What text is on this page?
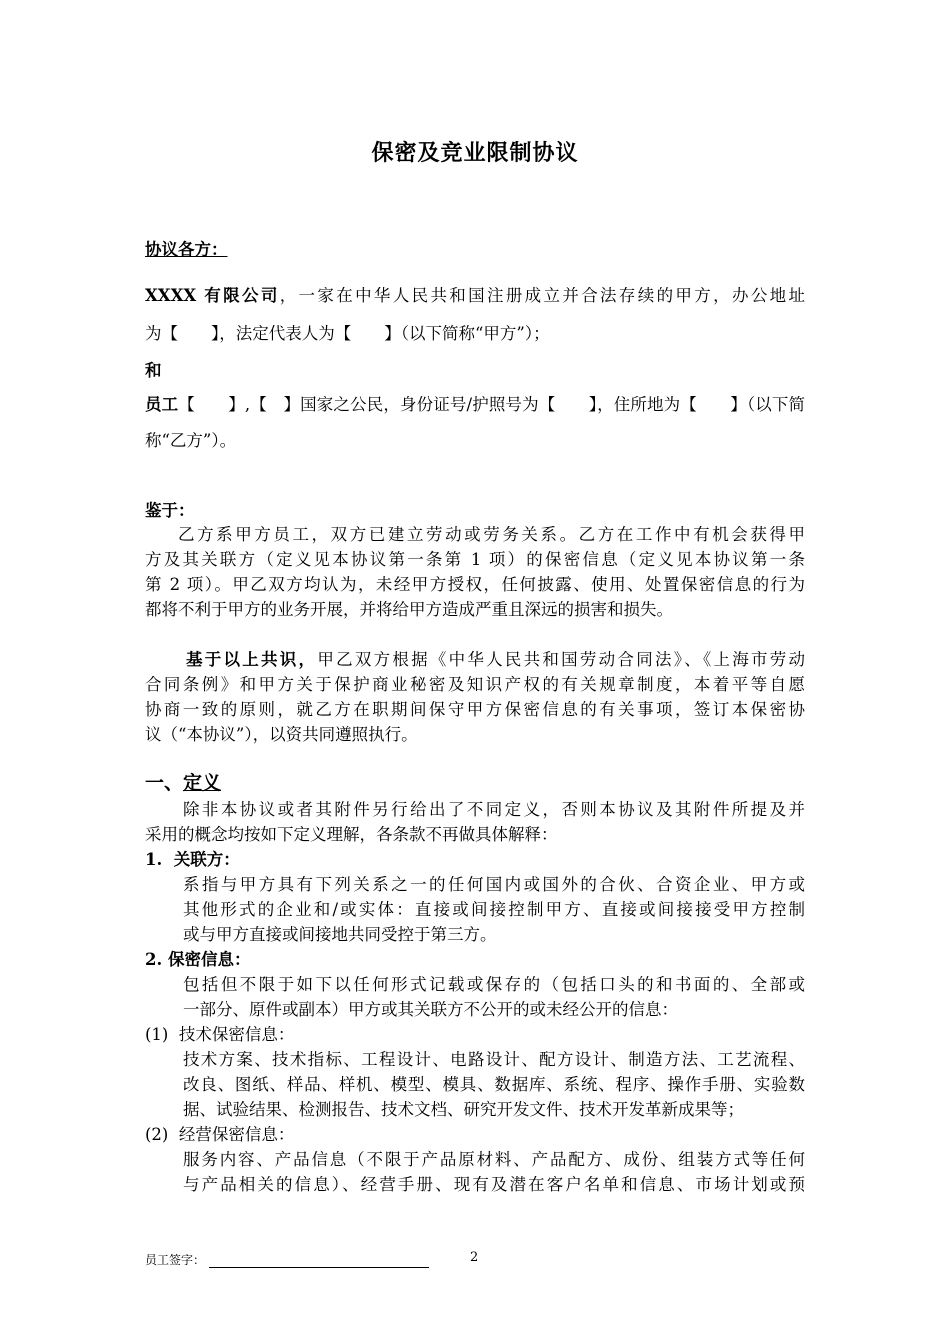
保密及竞业限制协议
协议各方：
XXXX 有限公司，一家在中华人民共和国注册成立并合法存续的甲方，办公地址
为【　　】，法定代表人为【　　】（以下简称“甲方”）；
和
员工【　　】,【　】国家之公民，身份证号/护照号为【　　】，住所地为【　　】（以下简
称“乙方”）。
鉴于：
乙方系甲方员工，双方已建立劳动或劳务关系。乙方在工作中有机会获得甲
方及其关联方（定义见本协议第一条第 1 项）的保密信息（定义见本协议第一条
第 2 项）。甲乙双方均认为，未经甲方授权，任何披露、使用、处置保密信息的行为
都将不利于甲方的业务开展，并将给甲方造成严重且深远的损害和损失。
基于以上共识，甲乙双方根据《中华人民共和国劳动合同法》、《上海市劳动
合同条例》和甲方关于保护商业秘密及知识产权的有关规章制度，本着平等自愿
协商一致的原则，就乙方在职期间保守甲方保密信息的有关事项，签订本保密协
议（“本协议”），以资共同遵照执行。
一、定义
除非本协议或者其附件另行给出了不同定义，否则本协议及其附件所提及并
采用的概念均按如下定义理解，各条款不再做具体解释：
1. 关联方：
系指与甲方具有下列关系之一的任何国内或国外的合伙、合资企业、甲方或
其他形式的企业和/或实体：直接或间接控制甲方、直接或间接接受甲方控制
或与甲方直接或间接地共同受控于第三方。
2. 保密信息：
包括但不限于如下以任何形式记载或保存的（包括口头的和书面的、全部或
一部分、原件或副本）甲方或其关联方不公开的或未经公开的信息：
(1) 技术保密信息：
技术方案、技术指标、工程设计、电路设计、配方设计、制造方法、工艺流程、
改良、图纸、样品、样机、模型、模具、数据库、系统、程序、操作手册、实验数
据、试验结果、检测报告、技术文档、研究开发文件、技术开发革新成果等；
(2) 经营保密信息：
服务内容、产品信息（不限于产品原材料、产品配方、成份、组装方式等任何
与产品相关的信息）、经营手册、现有及潜在客户名单和信息、市场计划或预
员工签字：	2
